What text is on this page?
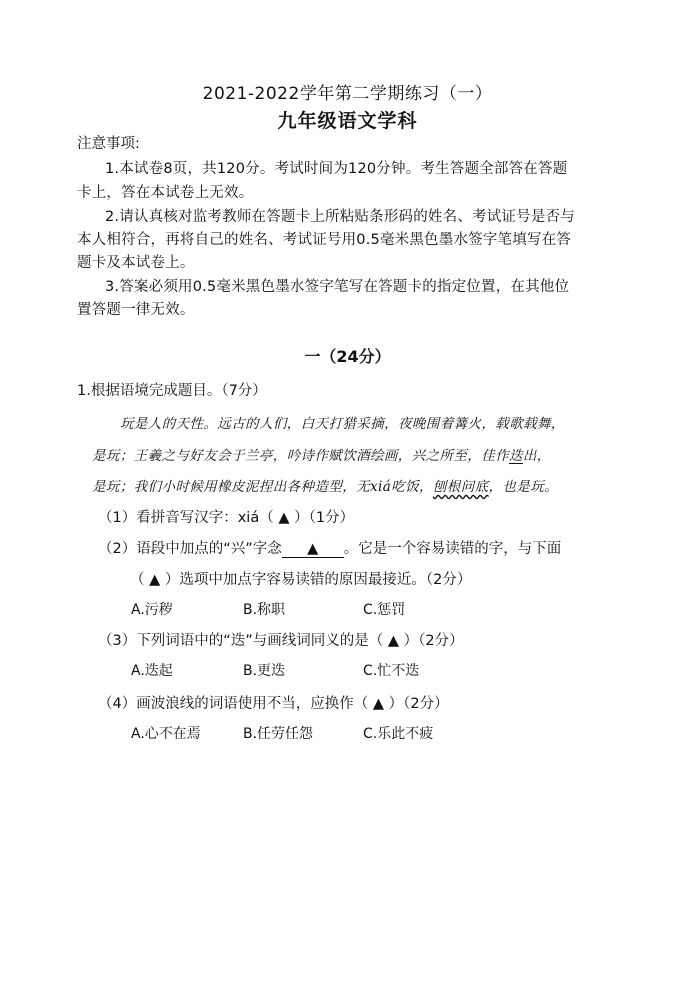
2021-2022学年第二学期练习（一）
九年级语文学科
注意事项:
1.本试卷8页，共120分。考试时间为120分钟。考生答题全部答在答题
卡上，答在本试卷上无效。
2.请认真核对监考教师在答题卡上所粘贴条形码的姓名、考试证号是否与
本人相符合，再将自己的姓名、考试证号用0.5毫米黑色墨水签字笔填写在答
题卡及本试卷上。
3.答案必须用0.5毫米黑色墨水签字笔写在答题卡的指定位置，在其他位
置答题一律无效。
一（24分）
1.根据语境完成题目。（7分）
玩是人的天性。远古的人们，白天打猎采摘，夜晚围着篝火，载歌载舞，
是玩；王羲之与好友会于兰亭，吟诗作赋饮酒绘画，兴之所至，佳作迭出，
是玩；我们小时候用橡皮泥捏出各种造型，无xiá吃饭，刨根问底，也是玩。
（1）看拼音写汉字：xiá（ ▲ ）（1分）
（2）语段中加点的“兴”字念 ▲ 。它是一个容易读错的字，与下面
（ ▲ ）选项中加点字容易读错的原因最接近。（2分）
A.污秽	B.称职	C.惩罚
（3）下列词语中的“迭”与画线词同义的是（ ▲ ）（2分）
A.迭起	B.更迭	C.忙不迭
（4）画波浪线的词语使用不当，应换作（ ▲ ）（2分）
A.心不在焉	B.任劳任怨	C.乐此不疲
